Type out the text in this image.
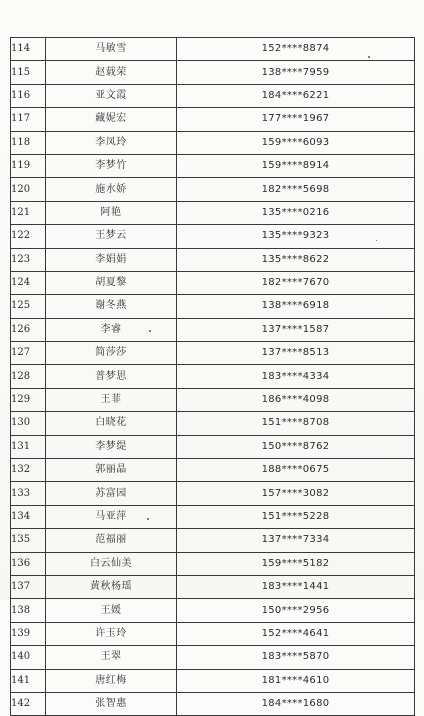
114	马敏雪	152****8874
115	赵载荣	138****7959
116	亚文霞	184****6221
117	藏妮宏	177****1967
118	李凤玲	159****6093
119	李梦竹	159****8914
120	施水娇	182****5698
121	阿艳	135****0216
122	王梦云	135****9323
123	李娟娟	135****8622
124	胡夏黎	182****7670
125	谢冬燕	138****6918
126	李睿	137****1587
127	简莎莎	137****8513
128	普梦思	183****4334
129	王菲	186****4098
130	白晓花	151****8708
131	李梦缇	150****8762
132	郭丽晶	188****0675
133	苏富园	157****3082
134	马亚萍	151****5228
135	范福丽	137****7334
136	白云仙美	159****5182
137	黄秋杨瑶	183****1441
138	王媛	150****2956
139	许玉玲	152****4641
140	王翠	183****5870
141	唐红梅	181****4610
142	张智惠	184****1680
